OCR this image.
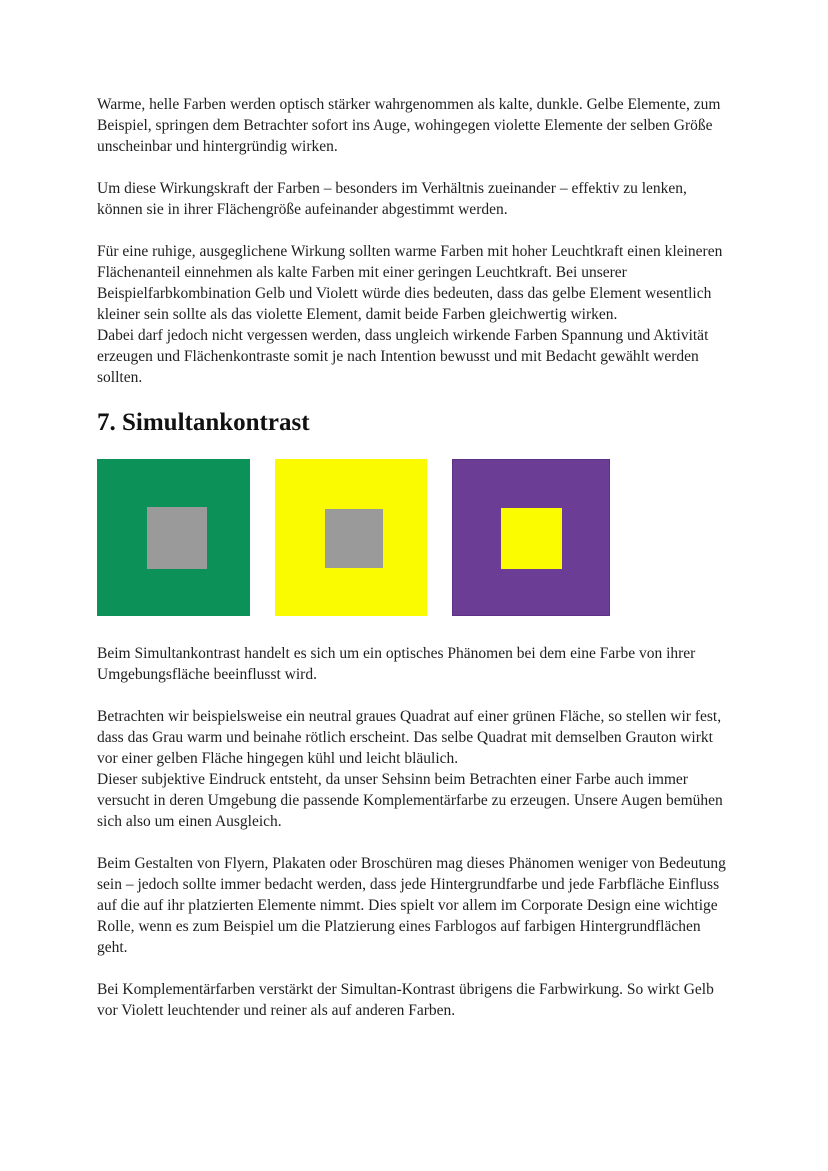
Warme, helle Farben werden optisch stärker wahrgenommen als kalte, dunkle. Gelbe Elemente, zum Beispiel, springen dem Betrachter sofort ins Auge, wohingegen violette Elemente der selben Größe unscheinbar und hintergründig wirken.

Um diese Wirkungskraft der Farben – besonders im Verhältnis zueinander – effektiv zu lenken, können sie in ihrer Flächengröße aufeinander abgestimmt werden.

Für eine ruhige, ausgeglichene Wirkung sollten warme Farben mit hoher Leuchtkraft einen kleineren Flächenanteil einnehmen als kalte Farben mit einer geringen Leuchtkraft. Bei unserer Beispielfarbkombination Gelb und Violett würde dies bedeuten, dass das gelbe Element wesentlich kleiner sein sollte als das violette Element, damit beide Farben gleichwertig wirken.

Dabei darf jedoch nicht vergessen werden, dass ungleich wirkende Farben Spannung und Aktivität erzeugen und Flächenkontraste somit je nach Intention bewusst und mit Bedacht gewählt werden sollten.

7. Simultankontrast

Beim Simultankontrast handelt es sich um ein optisches Phänomen bei dem eine Farbe von ihrer Umgebungsfläche beeinflusst wird.

Betrachten wir beispielsweise ein neutral graues Quadrat auf einer grünen Fläche, so stellen wir fest, dass das Grau warm und beinahe rötlich erscheint. Das selbe Quadrat mit demselben Grauton wirkt vor einer gelben Fläche hingegen kühl und leicht bläulich.

Dieser subjektive Eindruck entsteht, da unser Sehsinn beim Betrachten einer Farbe auch immer versucht in deren Umgebung die passende Komplementärfarbe zu erzeugen. Unsere Augen bemühen sich also um einen Ausgleich.

Beim Gestalten von Flyern, Plakaten oder Broschüren mag dieses Phänomen weniger von Bedeutung sein – jedoch sollte immer bedacht werden, dass jede Hintergrundfarbe und jede Farbfläche Einfluss auf die auf ihr platzierten Elemente nimmt. Dies spielt vor allem im Corporate Design eine wichtige Rolle, wenn es zum Beispiel um die Platzierung eines Farblogos auf farbigen Hintergrundflächen geht.

Bei Komplementärfarben verstärkt der Simultan-Kontrast übrigens die Farbwirkung. So wirkt Gelb vor Violett leuchtender und reiner als auf anderen Farben.
